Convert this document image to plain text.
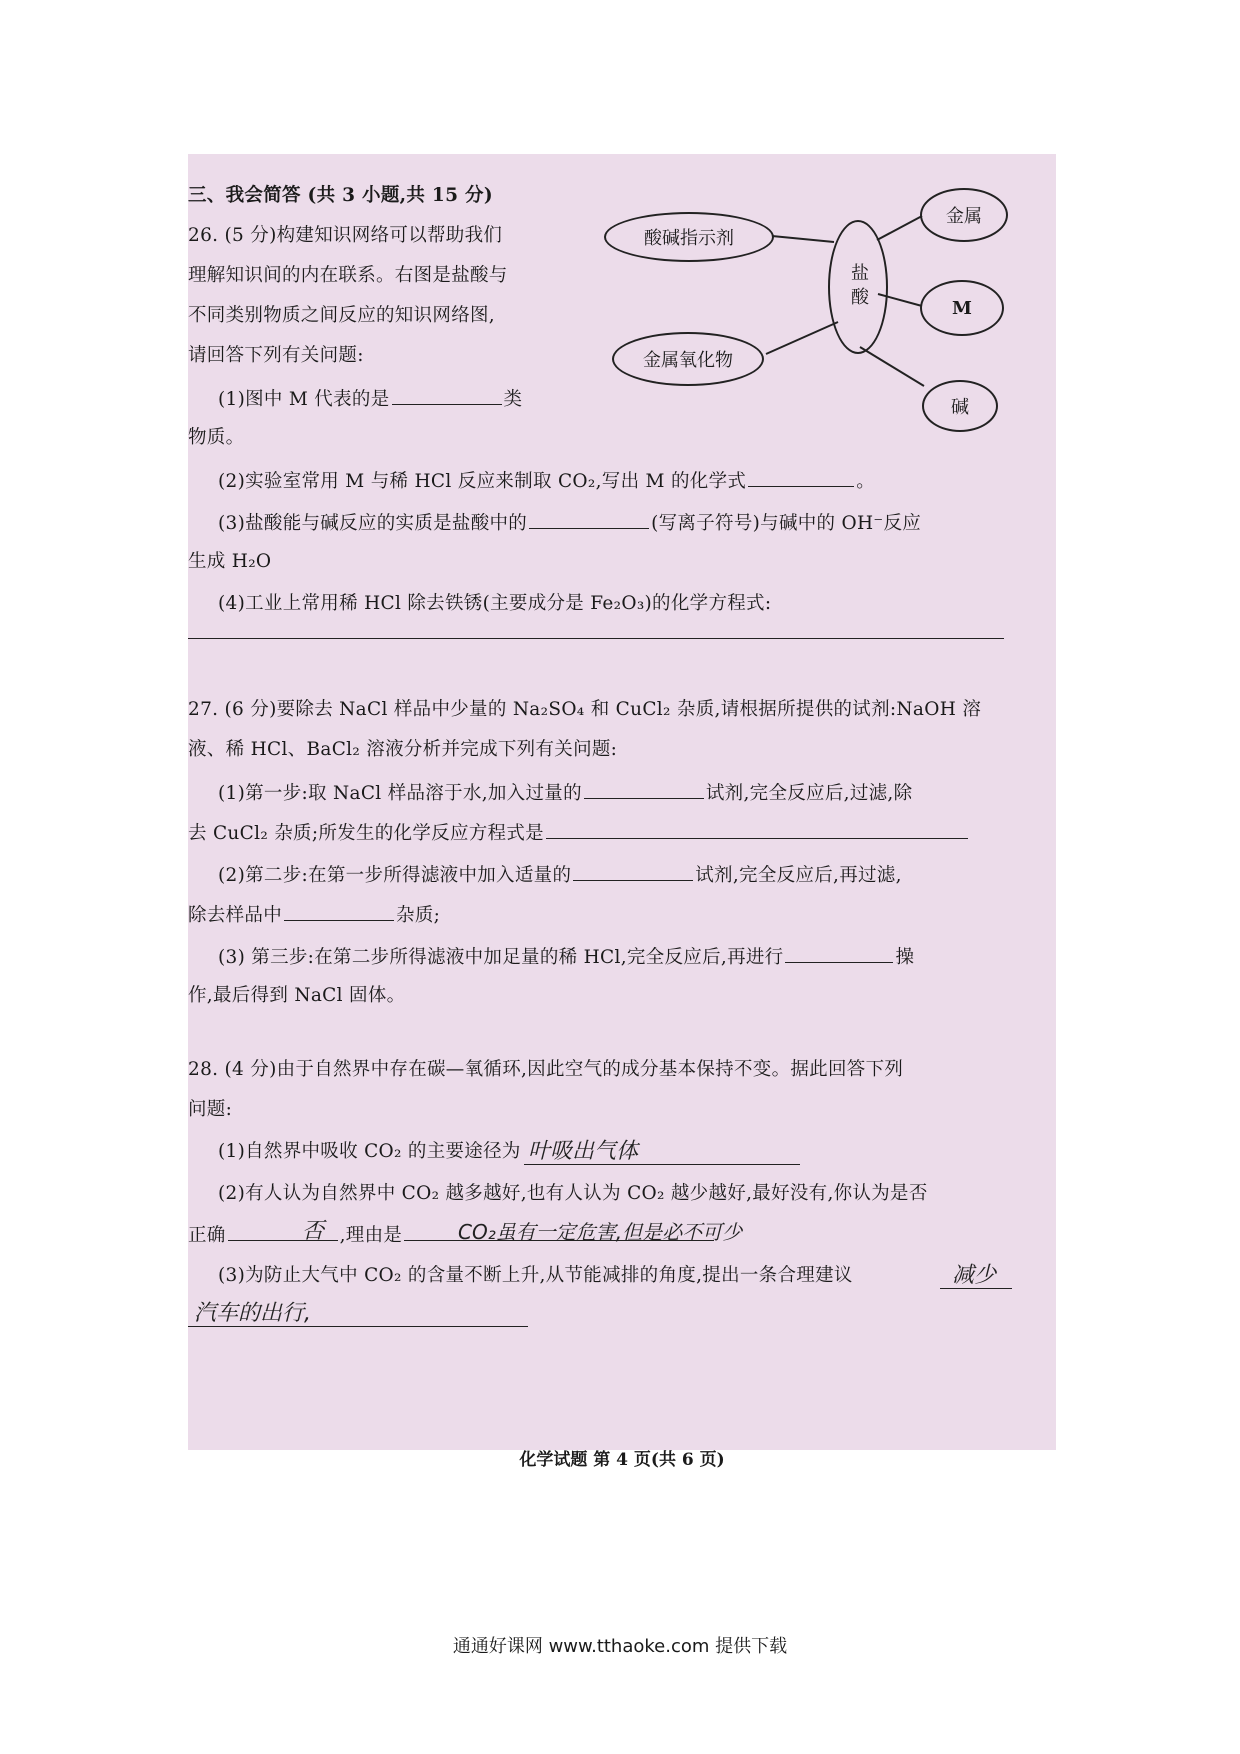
三、我会简答 (共 3 小题,共 15 分)
26. (5 分)构建知识网络可以帮助我们
理解知识间的内在联系。右图是盐酸与
不同类别物质之间反应的知识网络图,
请回答下列有关问题:
酸碱指示剂
盐酸
金属
M
金属氧化物
碱
(1)图中 M 代表的是	类
物质。
(2)实验室常用 M 与稀 HCl 反应来制取 CO₂,写出 M 的化学式	。
(3)盐酸能与碱反应的实质是盐酸中的	(写离子符号)与碱中的 OH⁻反应
生成 H₂O
(4)工业上常用稀 HCl 除去铁锈(主要成分是 Fe₂O₃)的化学方程式:
27. (6 分)要除去 NaCl 样品中少量的 Na₂SO₄ 和 CuCl₂ 杂质,请根据所提供的试剂:NaOH 溶
液、稀 HCl、BaCl₂ 溶液分析并完成下列有关问题:
(1)第一步:取 NaCl 样品溶于水,加入过量的	试剂,完全反应后,过滤,除
去 CuCl₂ 杂质;所发生的化学反应方程式是
(2)第二步:在第一步所得滤液中加入适量的	试剂,完全反应后,再过滤,
除去样品中	杂质;
(3) 第三步:在第二步所得滤液中加足量的稀 HCl,完全反应后,再进行	操
作,最后得到 NaCl 固体。
28. (4 分)由于自然界中存在碳—氧循环,因此空气的成分基本保持不变。据此回答下列
问题:
(1)自然界中吸收 CO₂ 的主要途径为 叶吸出气体
(2)有人认为自然界中 CO₂ 越多越好,也有人认为 CO₂ 越少越好,最好没有,你认为是否
正确	,理由是
否	CO₂虽有一定危害,但是必不可少
(3)为防止大气中 CO₂ 的含量不断上升,从节能减排的角度,提出一条合理建议	减少
汽车的出行,
化学试题 第 4 页(共 6 页)
通通好课网 www.tthaoke.com 提供下载
